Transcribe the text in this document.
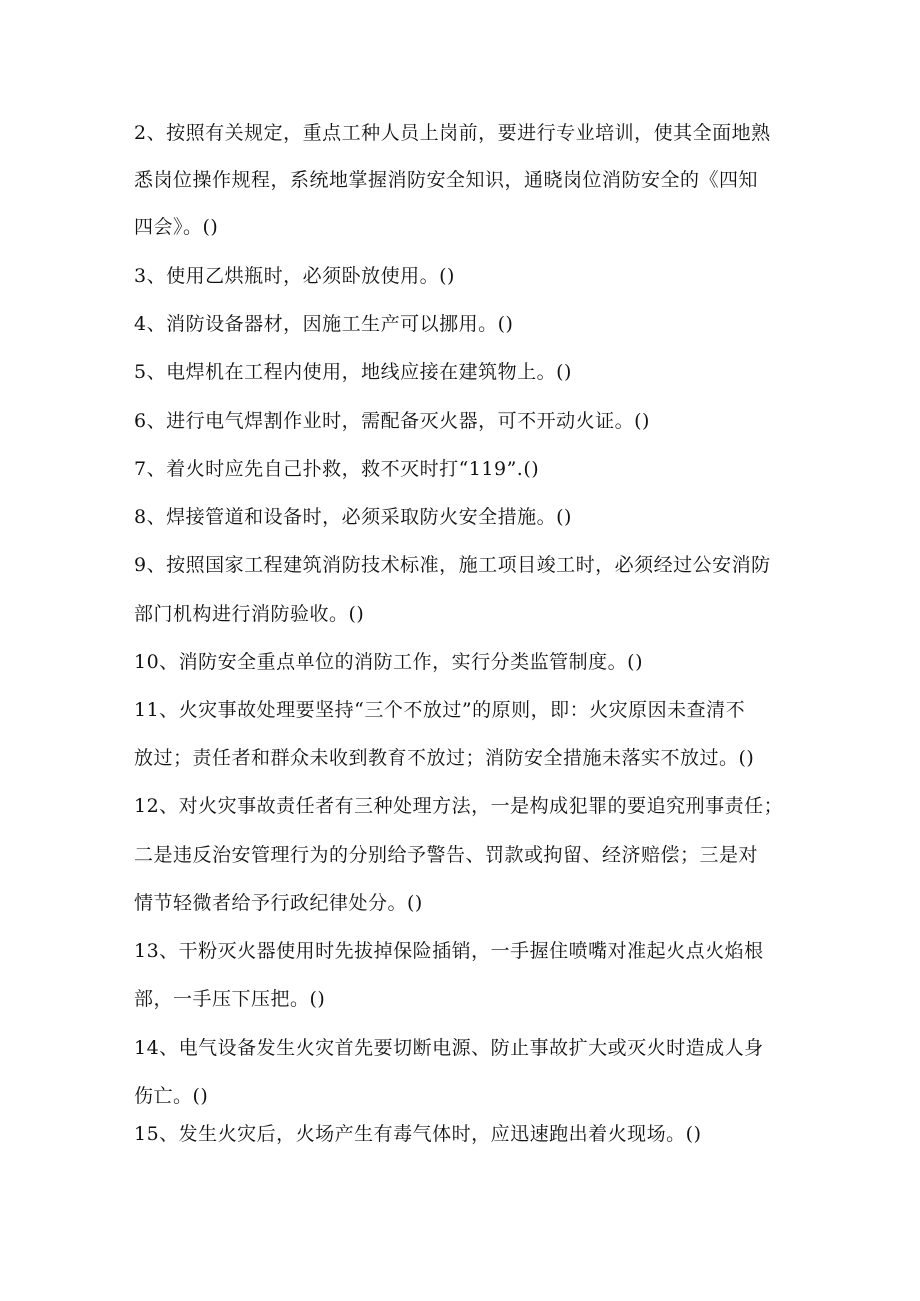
2、按照有关规定，重点工种人员上岗前，要进行专业培训，使其全面地熟
悉岗位操作规程，系统地掌握消防安全知识，通晓岗位消防安全的《四知
四会》。()
3、使用乙烘瓶时，必须卧放使用。()
4、消防设备器材，因施工生产可以挪用。()
5、电焊机在工程内使用，地线应接在建筑物上。()
6、进行电气焊割作业时，需配备灭火器，可不开动火证。()
7、着火时应先自己扑救，救不灭时打“119”.()
8、焊接管道和设备时，必须采取防火安全措施。()
9、按照国家工程建筑消防技术标准，施工项目竣工时，必须经过公安消防
部门机构进行消防验收。()
10、消防安全重点单位的消防工作，实行分类监管制度。()
11、火灾事故处理要坚持“三个不放过”的原则，即：火灾原因未查清不
放过；责任者和群众未收到教育不放过；消防安全措施未落实不放过。()
12、对火灾事故责任者有三种处理方法，一是构成犯罪的要追究刑事责任；
二是违反治安管理行为的分别给予警告、罚款或拘留、经济赔偿；三是对
情节轻微者给予行政纪律处分。()
13、干粉灭火器使用时先拔掉保险插销，一手握住喷嘴对准起火点火焰根
部，一手压下压把。()
14、电气设备发生火灾首先要切断电源、防止事故扩大或灭火时造成人身
伤亡。()
15、发生火灾后，火场产生有毒气体时，应迅速跑出着火现场。()
